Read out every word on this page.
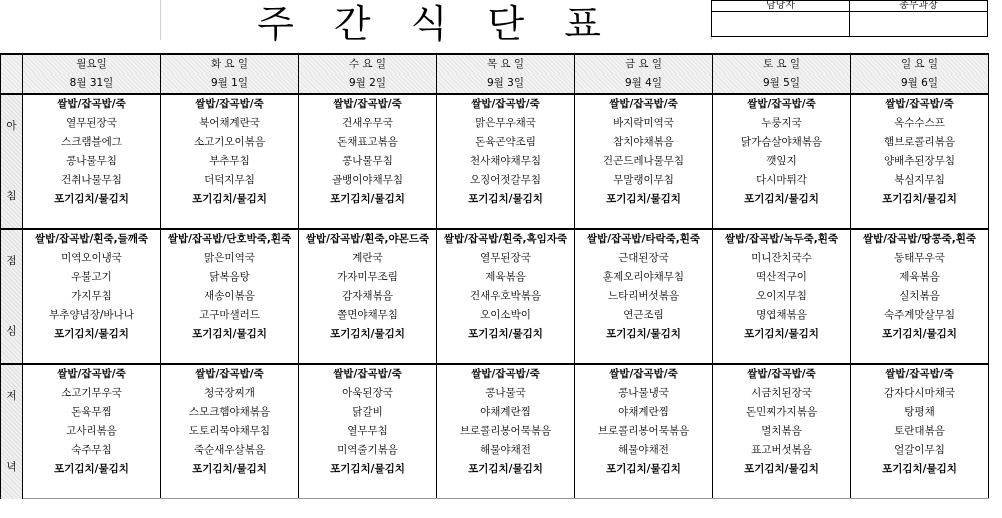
주 간 식 단 표	담당자	총무과장

	월요일	화 요 일	수 요 일	목 요 일	금 요 일	토 요 일	일 요 일
	8월 31일	9월 1일	9월 2일	9월 3일	9월 4일	9월 5일	9월 6일

아
침	쌀밥/잡곡밥/죽	쌀밥/잡곡밥/죽	쌀밥/잡곡밥/죽	쌀밥/잡곡밥/죽	쌀밥/잡곡밥/죽	쌀밥/잡곡밥/죽	쌀밥/잡곡밥/죽
	열무된장국	북어채계란국	건새우무국	맑은무우채국	바지락미역국	누룽지국	옥수수스프
	스크램블에그	소고기오이볶음	돈채표고볶음	돈육곤약조림	참치야채볶음	닭가슴살야채볶음	햄브로콜리볶음
	콩나물무침	부추무침	콩나물무침	천사채야채무침	건곤드레나물무침	깻잎지	양배추된장무침
	건취나물무침	더덕지무침	골뱅이야채무침	오징어젓갈무침	무말랭이무침	다시마튀각	북심지무침
	포기김치/물김치	포기김치/물김치	포기김치/물김치	포기김치/물김치	포기김치/물김치	포기김치/물김치	포기김치/물김치

점
심	쌀밥/잡곡밥/흰죽,들깨죽	쌀밥/잡곡밥/단호박죽,흰죽	쌀밥/잡곡밥/흰죽,야몬드죽	쌀밥/잡곡밥/흰죽,흑임자죽	쌀밥/잡곡밥/타락죽,흰죽	쌀밥/잡곡밥/녹두죽,흰죽	쌀밥/잡곡밥/땅콩죽,흰죽
	미역오이냉국	맑은미역국	계란국	열무된장국	근대된장국	미니잔치국수	동태무우국
	우불고기	닭복음탕	가자미무조림	제육볶음	훈제오리야채무침	떡산적구이	제육볶음
	가지무침	새송이볶음	감자채볶음	건새우호박볶음	느타리버섯볶음	오이지무침	실치볶음
	부추양념장/바나나	고구마샐러드	쫄면야채무침	오이소박이	연근조림	명엽채볶음	숙주계맛살무침
	포기김치/물김치	포기김치/물김치	포기김치/물김치	포기김치/물김치	포기김치/물김치	포기김치/물김치	포기김치/물김치

저
녁	쌀밥/잡곡밥/죽	쌀밥/잡곡밥/죽	쌀밥/잡곡밥/죽	쌀밥/잡곡밥/죽	쌀밥/잡곡밥/죽	쌀밥/잡곡밥/죽	쌀밥/잡곡밥/죽
	소고기무우국	청국장찌개	아욱된장국	콩나물국	콩나물냉국	시금치된장국	감자다시마채국
	돈육무찜	스모크햄야채볶음	닭갈비	야채계란찜	야채계란찜	돈민찌가지볶음	탕평채
	고사리볶음	도토리묵야채무침	열무무침	브로콜리봉어묵볶음	브로콜리봉어묵볶음	멸치볶음	토란대볶음
	숙주무침	죽순새우살볶음	미역줄기볶음	해물야채전	해물야채전	표고버섯볶음	얼갈이무침
	포기김치/물김치	포기김치/물김치	포기김치/물김치	포기김치/물김치	포기김치/물김치	포기김치/물김치	포기김치/물김치
